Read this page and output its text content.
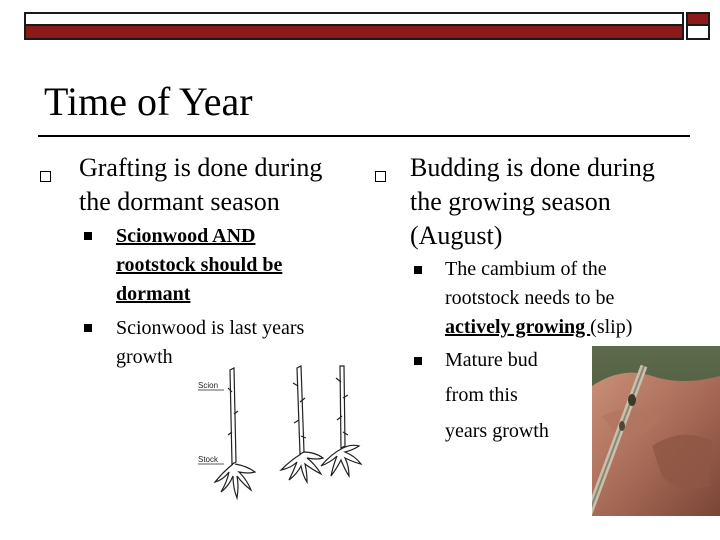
Time of Year
Grafting is done during
the dormant season
Scionwood AND
rootstock should be
dormant
Scionwood is last years
growth
Scion
Stock
Budding is done during
the growing season
(August)
The cambium of the
rootstock needs to be
actively growing (slip)
Mature bud
from this
years growth
